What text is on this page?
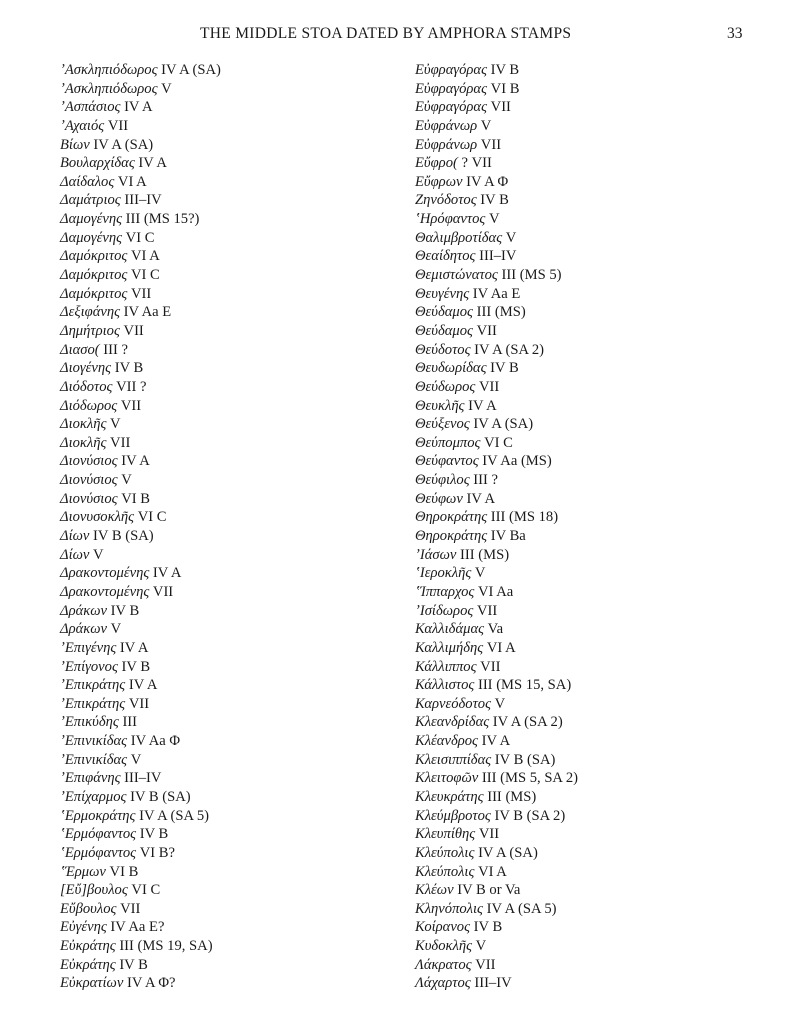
THE MIDDLE STOA DATED BY AMPHORA STAMPS	33
ʼΑσκληπιόδωρος IV A (SA)
ʼΑσκληπιόδωρος V
ʼΑσπάσιος IV A
ʼΑχαιός VII
Βίων IV A (SA)
Βουλαρχίδας IV A
Δαίδαλος VI A
Δαμάτριος III–IV
Δαμογένης III (MS 15?)
Δαμογένης VI C
Δαμόκριτος VI A
Δαμόκριτος VI C
Δαμόκριτος VII
Δεξιφάνης IV Aa E
Δημήτριος VII
Διασο( III ?
Διογένης IV B
Διόδοτος VII ?
Διόδωρος VII
Διοκλῆς V
Διοκλῆς VII
Διονύσιος IV A
Διονύσιος V
Διονύσιος VI B
Διονυσοκλῆς VI C
Δίων IV B (SA)
Δίων V
Δρακοντομένης IV A
Δρακοντομένης VII
Δράκων IV B
Δράκων V
ʼΕπιγένης IV A
ʼΕπίγονος IV B
ʼΕπικράτης IV A
ʼΕπικράτης VII
ʼΕπικύδης III
ʼΕπινικίδας IV Aa Φ
ʼΕπινικίδας V
ʼΕπιφάνης III–IV
ʼΕπίχαρμος IV B (SA)
ʽΕρμοκράτης IV A (SA 5)
ʽΕρμόφαντος IV B
ʽΕρμόφαντος VI B?
ʽΈρμων VI B
[Εὔ]βουλος VI C
Εὔβουλος VII
Εὐγένης IV Aa E?
Εὐκράτης III (MS 19, SA)
Εὐκράτης IV B
Εὐκρατίων IV A Φ?
Εὐφραγόρας IV B
Εὐφραγόρας VI B
Εὐφραγόρας VII
Εὐφράνωρ V
Εὐφράνωρ VII
Εὔφρο( ? VII
Εὔφρων IV A Φ
Ζηνόδοτος IV B
ʽΗρόφαντος V
Θαλιμβροτίδας V
Θεαίδητος III–IV
Θεμιστώνατος III (MS 5)
Θευγένης IV Aa E
Θεύδαμος III (MS)
Θεύδαμος VII
Θεύδοτος IV A (SA 2)
Θευδωρίδας IV B
Θεύδωρος VII
Θευκλῆς IV A
Θεύξενος IV A (SA)
Θεύπομπος VI C
Θεύφαντος IV Aa (MS)
Θεύφιλος III ?
Θεύφων IV A
Θηροκράτης III (MS 18)
Θηροκράτης IV Ba
ʼΙάσων III (MS)
ʽΙεροκλῆς V
ʽΊππαρχος VI Aa
ʼΙσίδωρος VII
Καλλιδάμας Va
Καλλιμήδης VI A
Κάλλιππος VII
Κάλλιστος III (MS 15, SA)
Καρνεόδοτος V
Κλεανδρίδας IV A (SA 2)
Κλέανδρος IV A
Κλεισιππίδας IV B (SA)
Κλειτοφῶν III (MS 5, SA 2)
Κλευκράτης III (MS)
Κλεύμβροτος IV B (SA 2)
Κλευπίθης VII
Κλεύπολις IV A (SA)
Κλεύπολις VI A
Κλέων IV B or Va
Κληνόπολις IV A (SA 5)
Κοίρανος IV B
Κυδοκλῆς V
Λάκρατος VII
Λάχαρτος III–IV
